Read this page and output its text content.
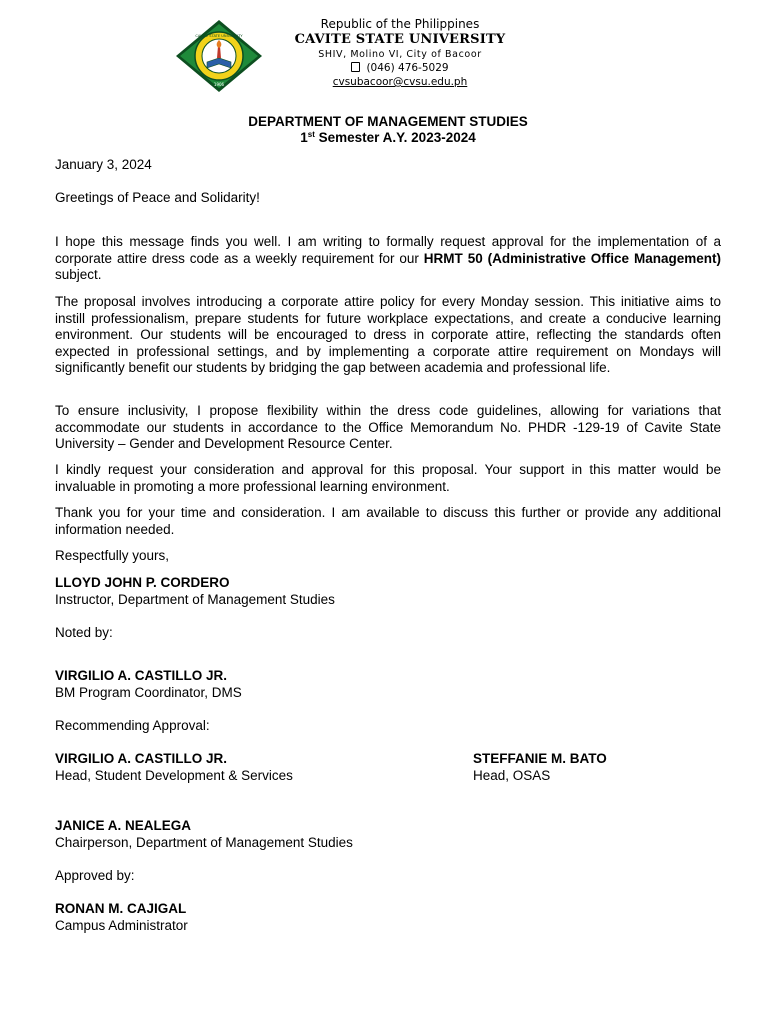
1906
CAVITE STATE UNIVERSITY
Republic of the Philippines
CAVITE STATE UNIVERSITY
SHIV, Molino VI, City of Bacoor
(046) 476-5029
cvsubacoor@cvsu.edu.ph
DEPARTMENT OF MANAGEMENT STUDIES
1st Semester A.Y. 2023-2024
January 3, 2024
Greetings of Peace and Solidarity!
I hope this message finds you well. I am writing to formally request approval for the implementation of a corporate attire dress code as a weekly requirement for our HRMT 50 (Administrative Office Management) subject.
The proposal involves introducing a corporate attire policy for every Monday session. This initiative aims to instill professionalism, prepare students for future workplace expectations, and create a conducive learning environment. Our students will be encouraged to dress in corporate attire, reflecting the standards often expected in professional settings, and by implementing a corporate attire requirement on Mondays will significantly benefit our students by bridging the gap between academia and professional life.
To ensure inclusivity, I propose flexibility within the dress code guidelines, allowing for variations that accommodate our students in accordance to the Office Memorandum No. PHDR -129-19 of Cavite State University – Gender and Development Resource Center.
I kindly request your consideration and approval for this proposal. Your support in this matter would be invaluable in promoting a more professional learning environment.
Thank you for your time and consideration. I am available to discuss this further or provide any additional information needed.
Respectfully yours,
LLOYD JOHN P. CORDERO
Instructor, Department of Management Studies
Noted by:
VIRGILIO A. CASTILLO JR.
BM Program Coordinator, DMS
Recommending Approval:
VIRGILIO A. CASTILLO JR.
Head, Student Development & Services
STEFFANIE M. BATO
Head, OSAS
JANICE A. NEALEGA
Chairperson, Department of Management Studies
Approved by:
RONAN M. CAJIGAL
Campus Administrator
